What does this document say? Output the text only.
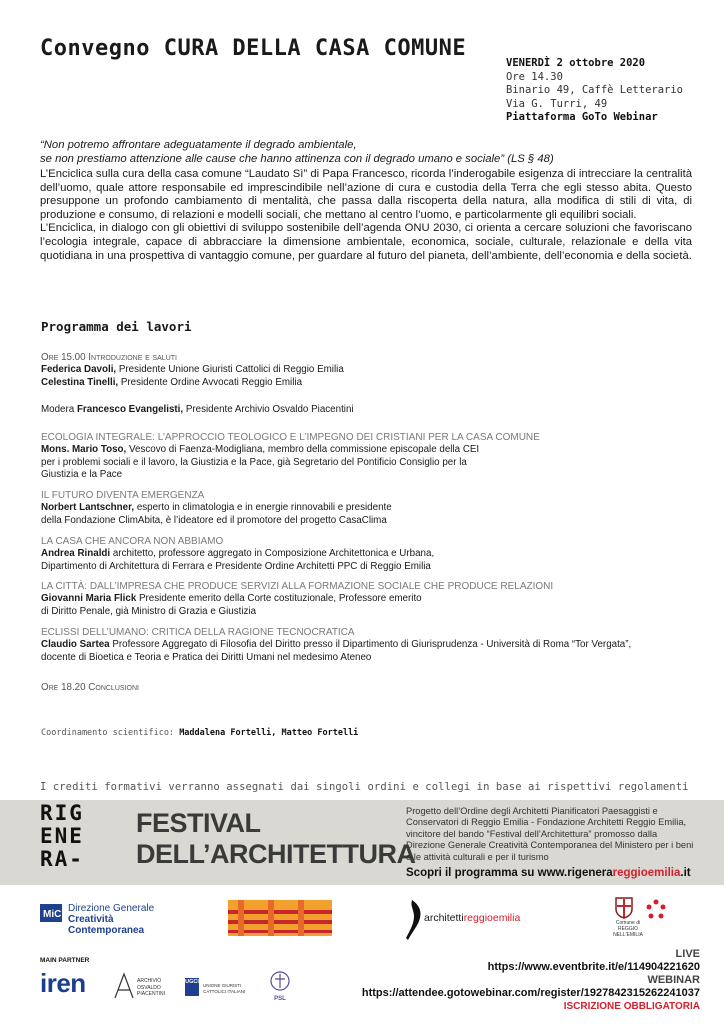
Convegno CURA DELLA CASA COMUNE
VENERDÌ 2 ottobre 2020
Ore 14.30
Binario 49, Caffè Letterario
Via G. Turri, 49
Piattaforma GoTo Webinar
“Non potremo affrontare adeguatamente il degrado ambientale,
se non prestiamo attenzione alle cause che hanno attinenza con il degrado umano e sociale” (LS § 48)

L’Enciclica sulla cura della casa comune “Laudato Sì” di Papa Francesco, ricorda l’inderogabile esigenza di intrecciare la centralità dell’uomo, quale attore responsabile ed imprescindibile nell’azione di cura e custodia della Terra che egli stesso abita. Questo presuppone un profondo cambiamento di mentalità, che passa dalla riscoperta della natura, alla modifica di stili di vita, di produzione e consumo, di relazioni e modelli sociali, che mettano al centro l’uomo, e particolarmente gli equilibri sociali.

L’Enciclica, in dialogo con gli obiettivi di sviluppo sostenibile dell’agenda ONU 2030, ci orienta a cercare soluzioni che favoriscano l’ecologia integrale, capace di abbracciare la dimensione ambientale, economica, sociale, culturale, relazionale e della vita quotidiana in una prospettiva di vantaggio comune, per guardare al futuro del pianeta, dell’ambiente, dell’economia e della società.

Programma dei lavori
Ore 15.00 Introduzione e saluti
Federica Davoli, Presidente Unione Giuristi Cattolici di Reggio Emilia
Celestina Tinelli, Presidente Ordine Avvocati Reggio Emilia
Modera Francesco Evangelisti, Presidente Archivio Osvaldo Piacentini
ECOLOGIA INTEGRALE: L’APPROCCIO TEOLOGICO E L’IMPEGNO DEI CRISTIANI PER LA CASA COMUNE
Mons. Mario Toso, Vescovo di Faenza-Modigliana, membro della commissione episcopale della CEI per i problemi sociali e il lavoro, la Giustizia e la Pace, già Segretario del Pontificio Consiglio per la Giustizia e la Pace
IL FUTURO DIVENTA EMERGENZA
Norbert Lantschner, esperto in climatologia e in energie rinnovabili e presidente della Fondazione ClimAbita, è l’ideatore ed il promotore del progetto CasaClima
LA CASA CHE ANCORA NON ABBIAMO
Andrea Rinaldi architetto, professore aggregato in Composizione Architettonica e Urbana, Dipartimento di Architettura di Ferrara e Presidente Ordine Architetti PPC di Reggio Emilia
LA CITTÀ: DALL’IMPRESA CHE PRODUCE SERVIZI ALLA FORMAZIONE SOCIALE CHE PRODUCE RELAZIONI
Giovanni Maria Flick Presidente emerito della Corte costituzionale, Professore emerito di Diritto Penale, già Ministro di Grazia e Giustizia
ECLISSI DELL’UMANO: CRITICA DELLA RAGIONE TECNOCRATICA
Claudio Sartea Professore Aggregato di Filosofia del Diritto presso il Dipartimento di Giurisprudenza - Università di Roma “Tor Vergata”, docente di Bioetica e Teoria e Pratica dei Diritti Umani nel medesimo Ateneo
Ore 18.20 Conclusioni
Coordinamento scientifico: Maddalena Fortelli, Matteo Fortelli
I crediti formativi verranno assegnati dai singoli ordini e collegi in base ai rispettivi regolamenti
RIG
ENE
RA-
FESTIVAL
DELL’ARCHITETTURA
Progetto dell’Ordine degli Architetti Pianificatori Paesaggisti e Conservatori di Reggio Emilia - Fondazione Architetti Reggio Emilia, vincitore del bando “Festival dell’Architettura” promosso dalla Direzione Generale Creatività Contemporanea del Ministero per i beni e le attività culturali e per il turismo
Scopri il programma su www.rigenerareggioemilia.it
MiC
Direzione Generale
Creatività Contemporanea
architettireggioemilia	Comune di
REGGIO NELL'EMILIA
MAIN PARTNER
iren	ARCHIVIO
OSVALDO
PIACENTINI
UGCI
UNIONE GIURISTI
CATTOLICI ITALIANI
PSL
LIVE
https://www.eventbrite.it/e/114904221620
WEBINAR
https://attendee.gotowebinar.com/register/1927842315262241037
ISCRIZIONE OBBLIGATORIA
